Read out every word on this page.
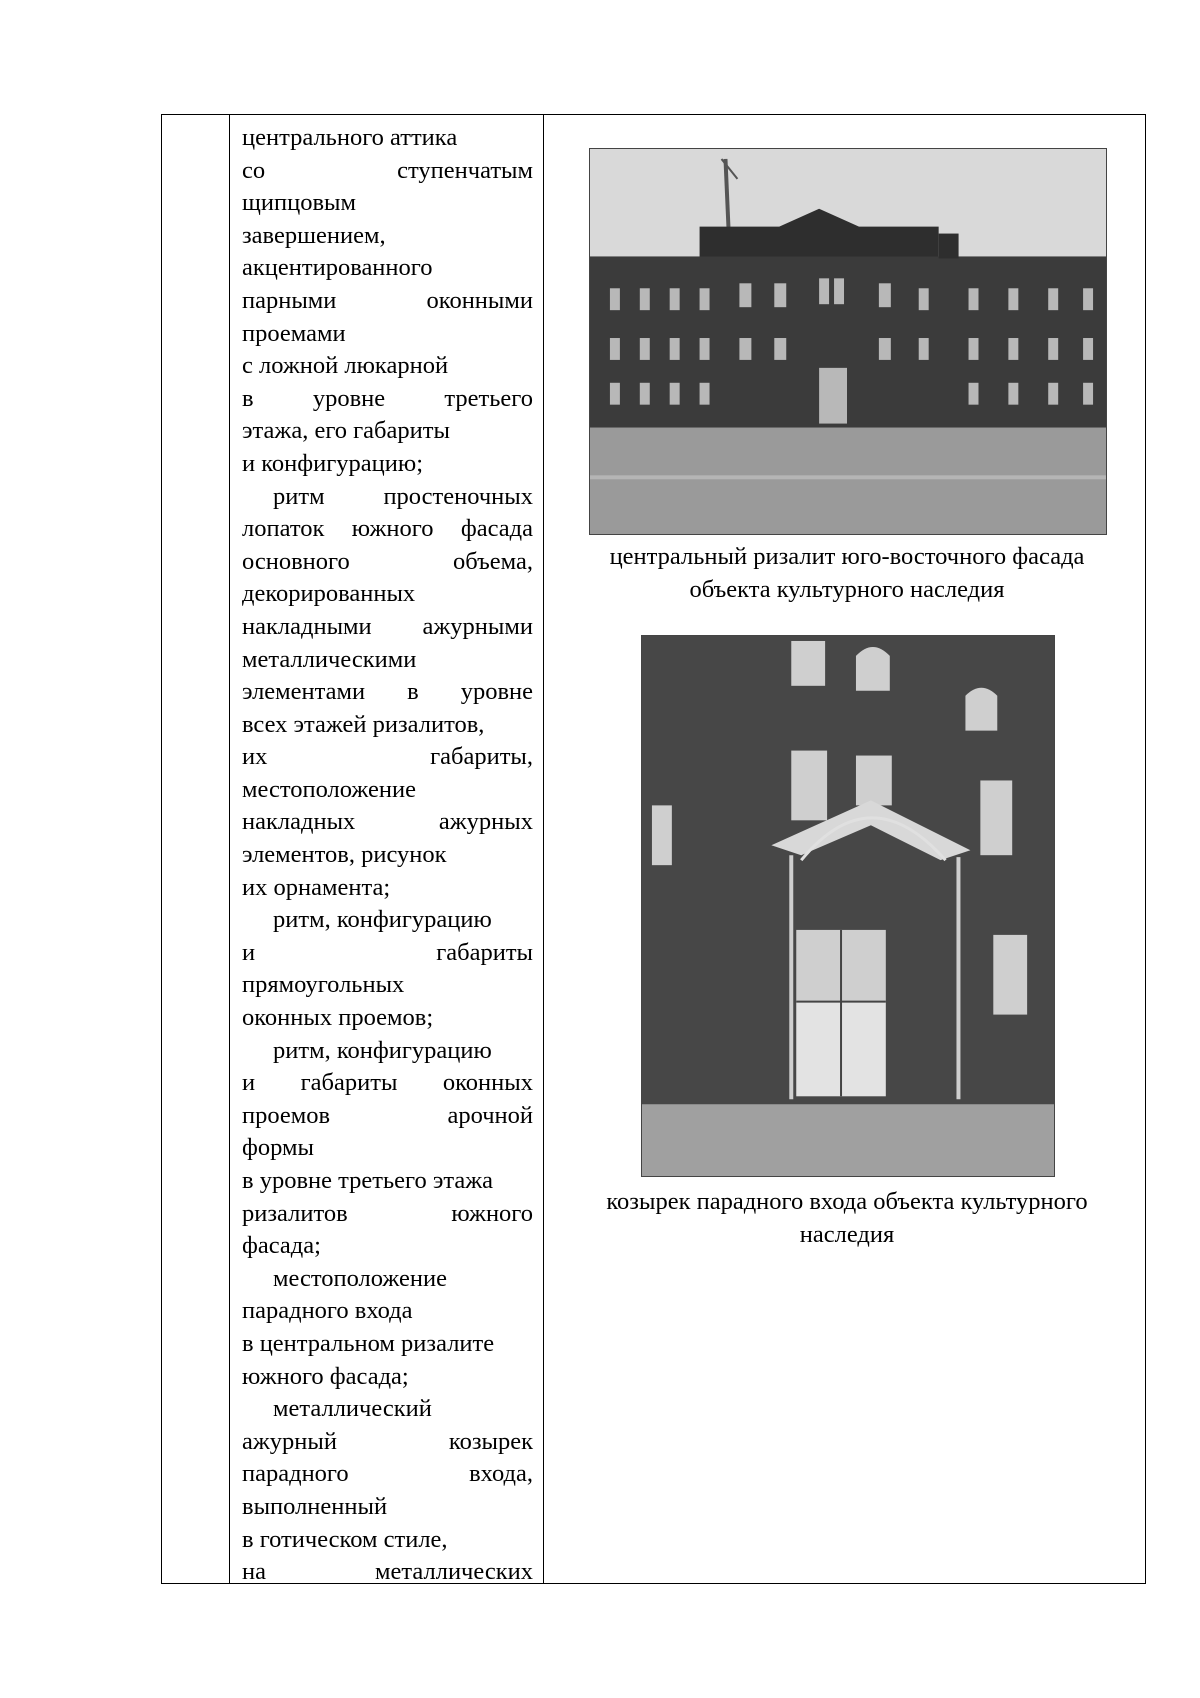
центрального аттика
со	ступенчатым
щипцовым
завершением,
акцентированного
парными	оконными
проемами
с ложной люкарной
в уровне третьего
этажа, его габариты
и конфигурацию;
ритм простеночных
лопаток южного фасада
основного	объема,
декорированных
накладными ажурными
металлическими
элементами в уровне
всех этажей ризалитов,
их	габариты,
местоположение
накладных	ажурных
элементов, рисунок
их орнамента;
ритм, конфигурацию
и	габариты
прямоугольных
оконных проемов;
ритм, конфигурацию
и габариты оконных
проемов	арочной
формы
в уровне третьего этажа
ризалитов	южного
фасада;
местоположение
парадного входа
в центральном ризалите
южного фасада;
металлический
ажурный	козырек
парадного	входа,
выполненный
в готическом стиле,
на	металлических
центральный ризалит юго-восточного фасада
объекта культурного наследия
козырек парадного входа объекта культурного
наследия
